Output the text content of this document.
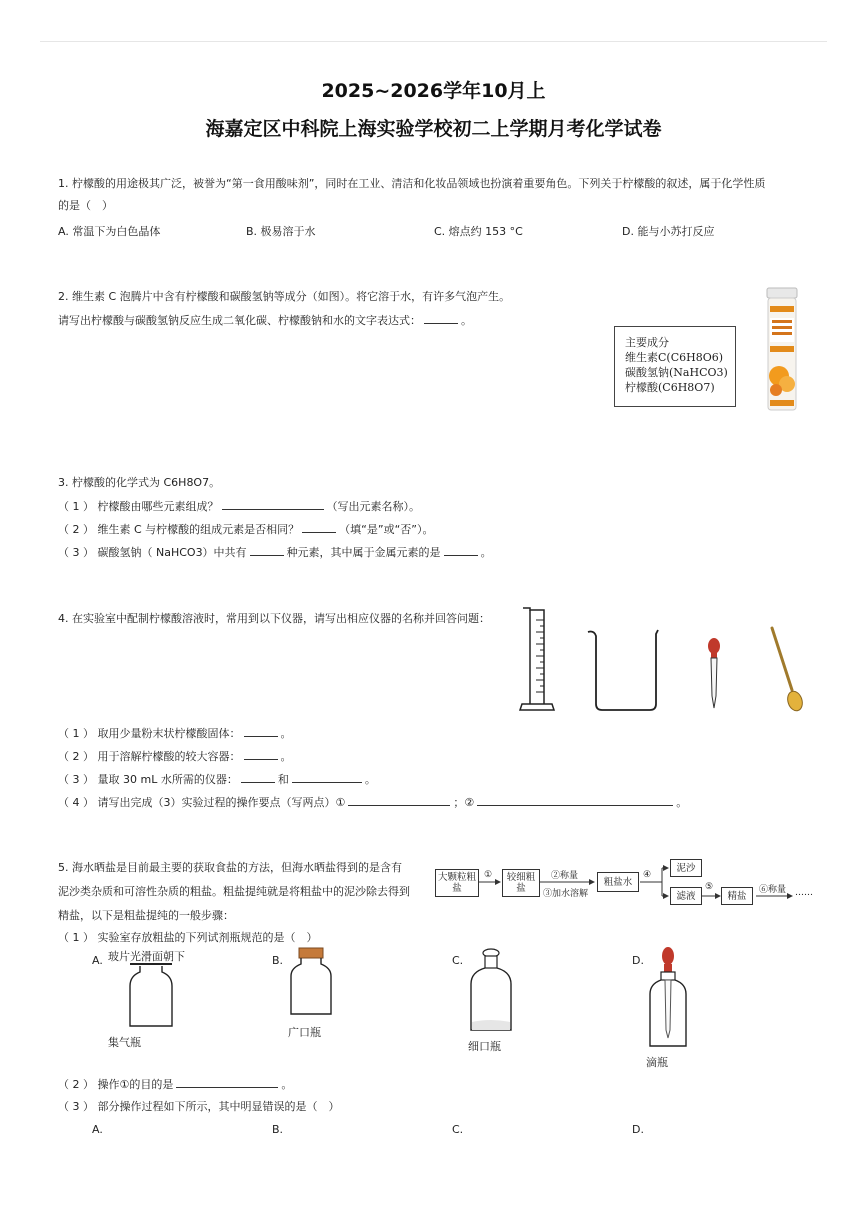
2025~2026学年10月上
海嘉定区中科院上海实验学校初二上学期月考化学试卷
1. 柠檬酸的用途极其广泛，被誉为“第一食用酸味剂”，同时在工业、清洁和化妆品领域也扮演着重要角色。下列关于柠檬酸的叙述，属于化学性质
的是（　）
A. 常温下为白色晶体	B. 极易溶于水	C. 熔点约 153 °C	D. 能与小苏打反应
2. 维生素 C 泡腾片中含有柠檬酸和碳酸氢钠等成分（如图）。将它溶于水，有许多气泡产生。
请写出柠檬酸与碳酸氢钠反应生成二氧化碳、柠檬酸钠和水的文字表达式：	。
主要成分
维生素C(C6H8O6)
碳酸氢钠(NaHCO3)
柠檬酸(C6H8O7)
3. 柠檬酸的化学式为 C6H8O7。
（ 1 ） 柠檬酸由哪些元素组成？	（写出元素名称）。
（ 2 ） 维生素 C 与柠檬酸的组成元素是否相同？	（填“是”或“否”）。
（ 3 ） 碳酸氢钠（ NaHCO3）中共有	种元素，其中属于金属元素的是	。
4. 在实验室中配制柠檬酸溶液时，常用到以下仪器，请写出相应仪器的名称并回答问题：
（ 1 ） 取用少量粉末状柠檬酸固体：	。
（ 2 ） 用于溶解柠檬酸的较大容器：	。
（ 3 ） 量取 30 mL 水所需的仪器：	和	。
（ 4 ） 请写出完成（3）实验过程的操作要点（写两点）①	；②	。
5. 海水晒盐是目前最主要的获取食盐的方法，但海水晒盐得到的是含有
泥沙类杂质和可溶性杂质的粗盐。粗盐提纯就是将粗盐中的泥沙除去得到
精盐，以下是粗盐提纯的一般步骤：
大颗粒粗盐
①	较细粗盐
②称量
③加水溶解
粗盐水
④
泥沙
滤液
⑤
精盐
⑥称量 ……
（ 1 ） 实验室存放粗盐的下列试剂瓶规范的是（　）
A. 玻片光滑面朝下
集气瓶
B.
广口瓶
C.
细口瓶
D.
滴瓶
（ 2 ） 操作①的目的是	。
（ 3 ） 部分操作过程如下所示，其中明显错误的是（　）
A.	B.	C.	D.
